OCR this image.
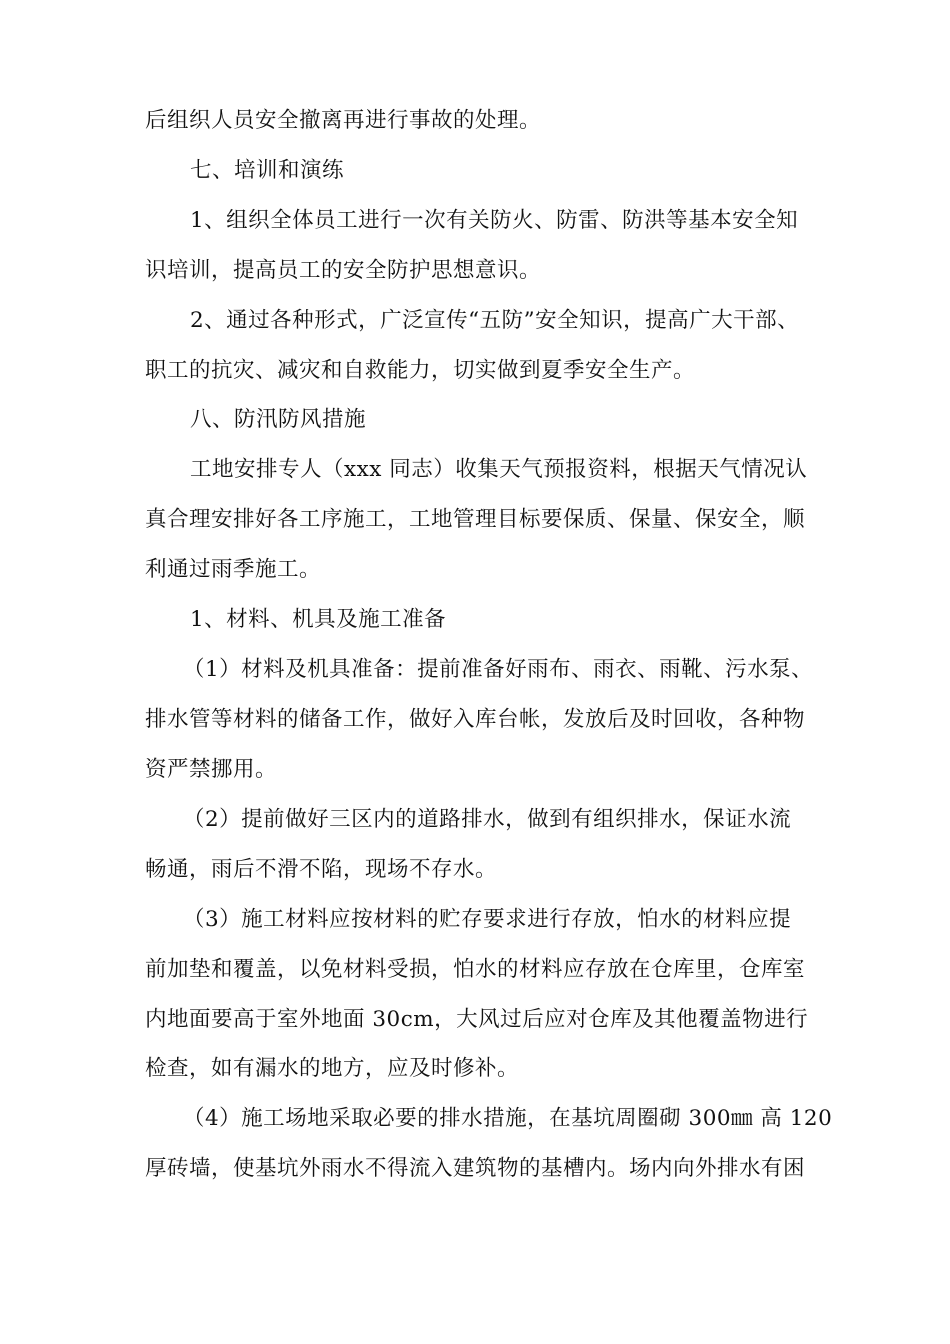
后组织人员安全撤离再进行事故的处理。
七、培训和演练
1、组织全体员工进行一次有关防火、防雷、防洪等基本安全知
识培训，提高员工的安全防护思想意识。
2、通过各种形式，广泛宣传“五防”安全知识，提高广大干部、
职工的抗灾、减灾和自救能力，切实做到夏季安全生产。
八、防汛防风措施
工地安排专人（xxx 同志）收集天气预报资料，根据天气情况认
真合理安排好各工序施工，工地管理目标要保质、保量、保安全，顺
利通过雨季施工。
1、材料、机具及施工准备
（1）材料及机具准备：提前准备好雨布、雨衣、雨靴、污水泵、
排水管等材料的储备工作，做好入库台帐，发放后及时回收，各种物
资严禁挪用。
（2）提前做好三区内的道路排水，做到有组织排水，保证水流
畅通，雨后不滑不陷，现场不存水。
（3）施工材料应按材料的贮存要求进行存放，怕水的材料应提
前加垫和覆盖，以免材料受损，怕水的材料应存放在仓库里，仓库室
内地面要高于室外地面 30cm，大风过后应对仓库及其他覆盖物进行
检查，如有漏水的地方，应及时修补。
（4）施工场地采取必要的排水措施，在基坑周圈砌 300㎜ 高 120
厚砖墙，使基坑外雨水不得流入建筑物的基槽内。场内向外排水有困
